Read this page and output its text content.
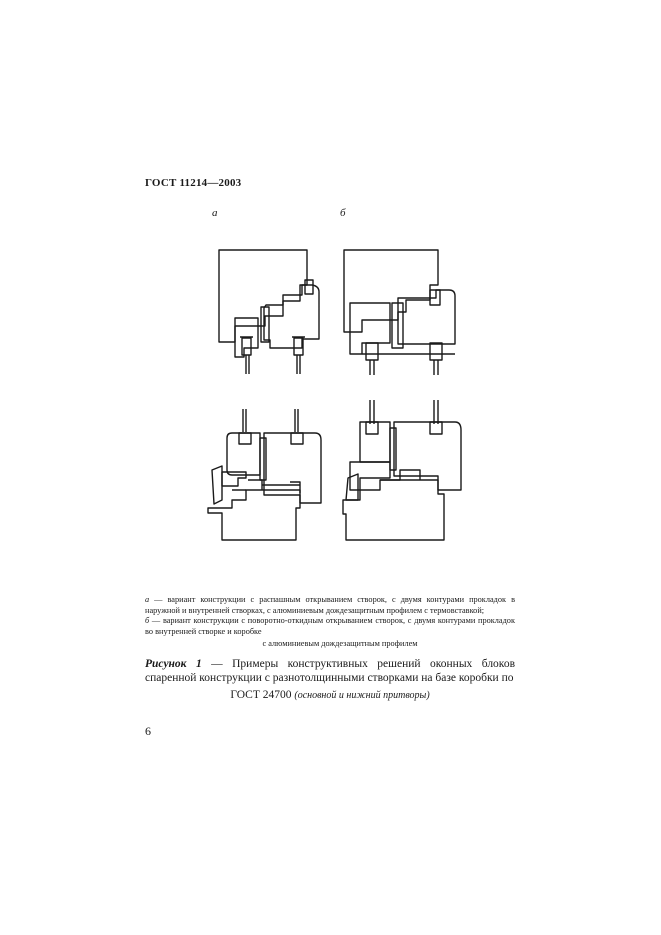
ГОСТ 11214—2003
а	б
а — вариант конструкции с распашным открыванием створок, с двумя контурами прокладок в наружной и внутренней створках, с алюминиевым дождезащитным профилем с термовставкой;
б — вариант конструкции с поворотно-откидным открыванием створок, с двумя контурами прокладок во внутренней створке и коробке
с алюминиевым дождезащитным профилем
Рисунок 1 — Примеры конструктивных решений оконных блоков спаренной конструкции с разнотолщинными створками на базе коробки по
ГОСТ 24700 (основной и нижний притворы)
6
